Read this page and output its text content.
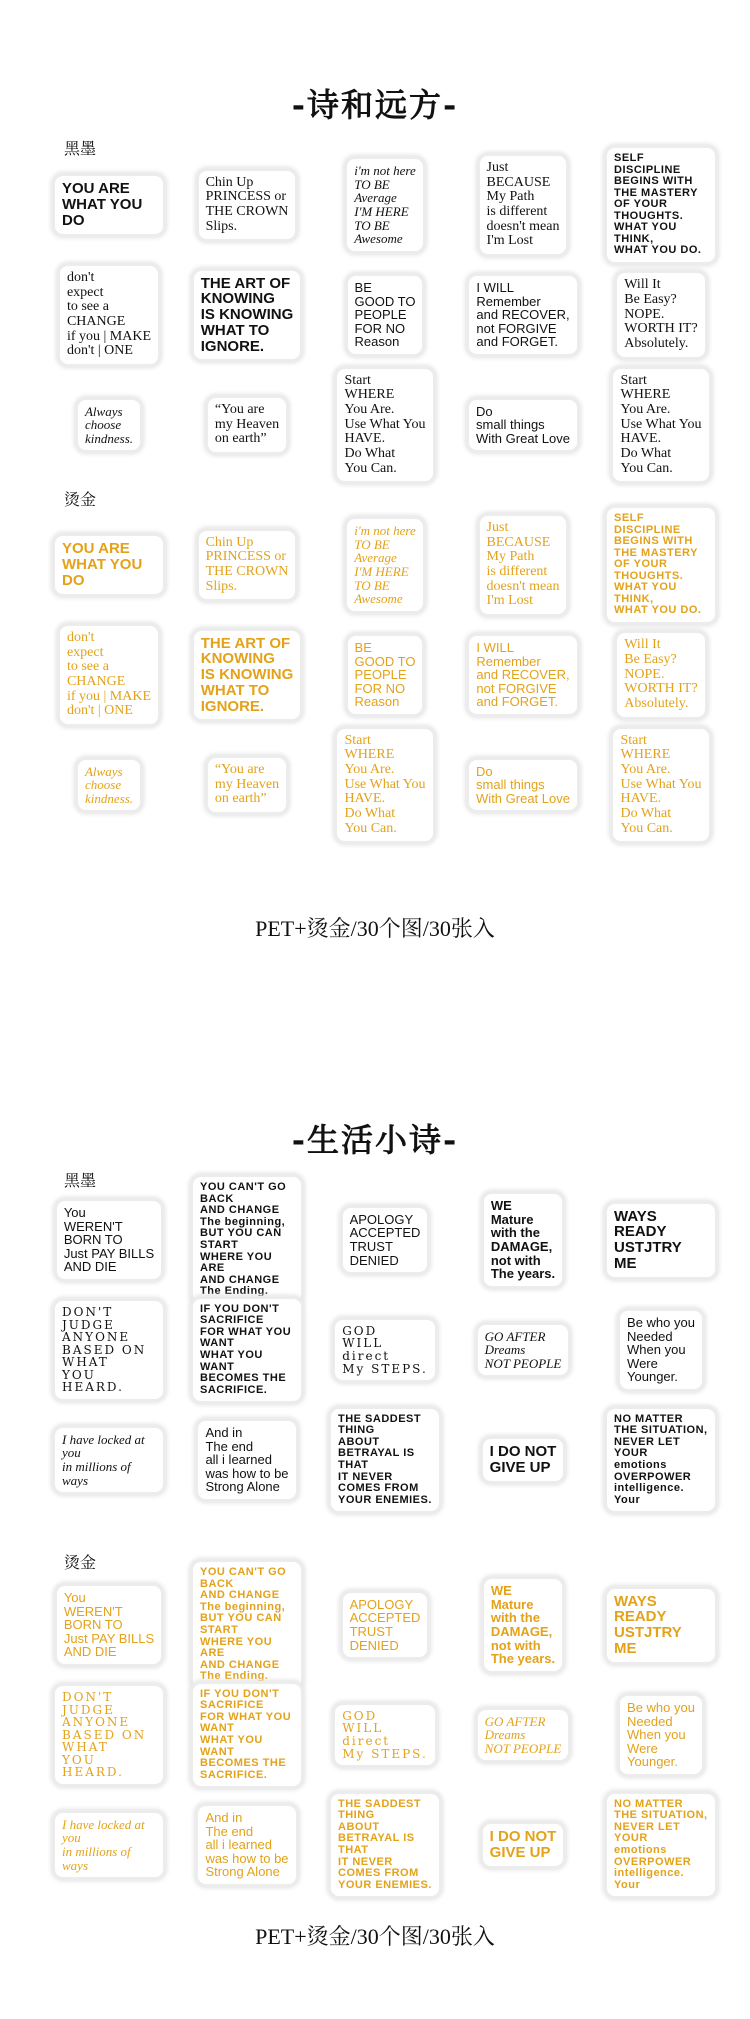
-诗和远方-
黑墨
YOU ARE WHAT YOU DO
Chin Up
PRINCESS or
THE CROWN
Slips.
i'm not here
TO BE
Average
I'M HERE
TO BE
Awesome
Just
BECAUSE
My Path
is different
doesn't mean
I'm Lost
SELF
DISCIPLINE
BEGINS WITH
THE MASTERY
OF YOUR THOUGHTS.
WHAT YOU THINK,
WHAT YOU DO.
don't
expect
to see a
CHANGE
if you | MAKE
don't | ONE
THE ART OF
KNOWING
IS KNOWING
WHAT TO
IGNORE.
BE
GOOD TO
PEOPLE
FOR NO
Reason
I WILL
Remember
and RECOVER,
not FORGIVE
and FORGET.
Will It
Be Easy?
NOPE.
WORTH IT?
Absolutely.
Always
choose
kindness.
“You are
my Heaven
on earth”
Start
WHERE
You Are.
Use What You
HAVE.
Do What
You Can.
Do
small things
With Great Love
Start
WHERE
You Are.
Use What You
HAVE.
Do What
You Can.
烫金
YOU ARE WHAT YOU DO
Chin Up
PRINCESS or
THE CROWN
Slips.
i'm not here
TO BE
Average
I'M HERE
TO BE
Awesome
Just
BECAUSE
My Path
is different
doesn't mean
I'm Lost
SELF
DISCIPLINE
BEGINS WITH
THE MASTERY
OF YOUR THOUGHTS.
WHAT YOU THINK,
WHAT YOU DO.
don't
expect
to see a
CHANGE
if you | MAKE
don't | ONE
THE ART OF
KNOWING
IS KNOWING
WHAT TO
IGNORE.
BE
GOOD TO
PEOPLE
FOR NO
Reason
I WILL
Remember
and RECOVER,
not FORGIVE
and FORGET.
Will It
Be Easy?
NOPE.
WORTH IT?
Absolutely.
Always
choose
kindness.
“You are
my Heaven
on earth”
Start
WHERE
You Are.
Use What You
HAVE.
Do What
You Can.
Do
small things
With Great Love
Start
WHERE
You Are.
Use What You
HAVE.
Do What
You Can.
PET+烫金/30个图/30张入
-生活小诗-
黑墨
You
WEREN'T
BORN TO
Just PAY BILLS
AND DIE
YOU CAN'T GO BACK
AND CHANGE
The beginning,
BUT YOU CAN START
WHERE YOU ARE
AND CHANGE
The Ending.
APOLOGY
ACCEPTED
TRUST
DENIED
WE
Mature
with the
DAMAGE,
not with
The years.
WAYS READY
USTJTRY ME
DON'T JUDGE
ANYONE
BASED ON WHAT
YOU HEARD.
IF YOU DON'T
SACRIFICE
FOR WHAT YOU WANT
WHAT YOU WANT
BECOMES THE
SACRIFICE.
GOD
WILL
direct
My STEPS.
GO AFTER
Dreams
NOT PEOPLE
Be who you
Needed
When you
Were
Younger.
I have locked at you
in millions of ways
And in
The end
all i learned
was how to be
Strong Alone
THE SADDEST THING
ABOUT BETRAYAL IS THAT
IT NEVER COMES FROM
YOUR ENEMIES.
I DO NOT
GIVE UP
NO MATTER
THE SITUATION,
NEVER LET YOUR
emotions
OVERPOWER
intelligence.
Your
烫金
You
WEREN'T
BORN TO
Just PAY BILLS
AND DIE
YOU CAN'T GO BACK
AND CHANGE
The beginning,
BUT YOU CAN START
WHERE YOU ARE
AND CHANGE
The Ending.
APOLOGY
ACCEPTED
TRUST
DENIED
WE
Mature
with the
DAMAGE,
not with
The years.
WAYS READY
USTJTRY ME
DON'T JUDGE
ANYONE
BASED ON WHAT
YOU HEARD.
IF YOU DON'T
SACRIFICE
FOR WHAT YOU WANT
WHAT YOU WANT
BECOMES THE
SACRIFICE.
GOD
WILL
direct
My STEPS.
GO AFTER
Dreams
NOT PEOPLE
Be who you
Needed
When you
Were
Younger.
I have locked at you
in millions of ways
And in
The end
all i learned
was how to be
Strong Alone
THE SADDEST THING
ABOUT BETRAYAL IS THAT
IT NEVER COMES FROM
YOUR ENEMIES.
I DO NOT
GIVE UP
NO MATTER
THE SITUATION,
NEVER LET YOUR
emotions
OVERPOWER
intelligence.
Your
PET+烫金/30个图/30张入
